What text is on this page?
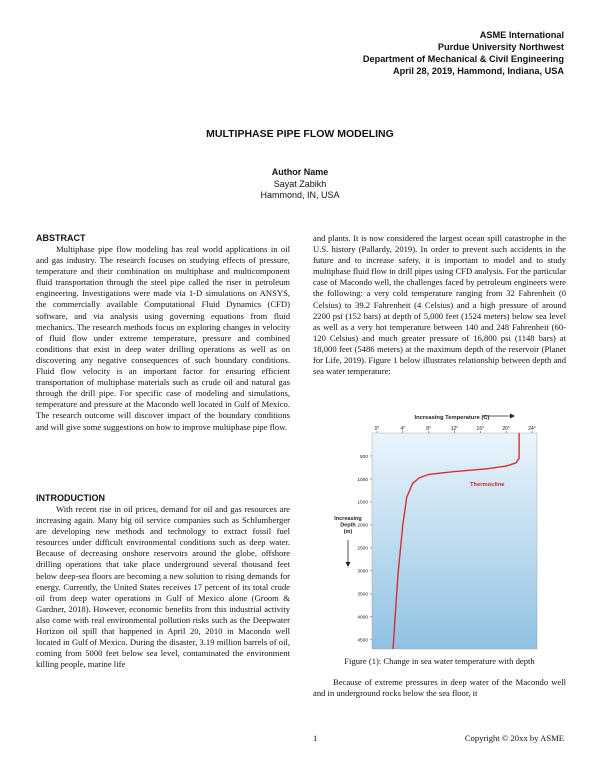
ASME International
Purdue University Northwest
Department of Mechanical & Civil Engineering
April 28, 2019, Hammond, Indiana, USA
MULTIPHASE PIPE FLOW MODELING
Author Name
Sayat Zabikh
Hammond, IN, USA
ABSTRACT

Multiphase pipe flow modeling has real world applications in oil and gas industry. The research focuses on studying effects of pressure, temperature and their combination on multiphase and multicomponent fluid transportation through the steel pipe called the riser in petroleum engineering. Investigations were made via 1-D simulations on ANSYS, the commercially available Computational Fluid Dynamics (CFD) software, and via analysis using governing equations from fluid mechanics. The research methods focus on exploring changes in velocity of fluid flow under extreme temperature, pressure and combined conditions that exist in deep water drilling operations as well as on discovering any negative consequences of such boundary conditions. Fluid flow velocity is an important factor for ensuring efficient transportation of multiphase materials such as crude oil and natural gas through the drill pipe. For specific case of modeling and simulations, temperature and pressure at the Macondo well located in Gulf of Mexico. The research outcome will discover impact of the boundary conditions and will give some suggestions on how to improve multiphase pipe flow.

INTRODUCTION

With recent rise in oil prices, demand for oil and gas resources are increasing again. Many big oil service companies such as Schlumberger are developing new methods and technology to extract fossil fuel resources under difficult environmental conditions such as deep water. Because of decreasing onshore reservoirs around the globe, offshore drilling operations that take place underground several thousand feet below deep-sea floors are becoming a new solution to rising demands for energy. Currently, the United States receives 17 percent of its total crude oil from deep water operations in Gulf of Mexico alone (Groom & Gardner, 2018). However, economic benefits from this industrial activity also come with real environmental pollution risks such as the Deepwater Horizon oil spill that happened in April 20, 2010 in Macondo well located in Gulf of Mexico. During the disaster, 3.19 million barrels of oil, coming from 5000 feet below sea level, contaminated the environment killing people, marine life

and plants. It is now considered the largest ocean spill catastrophe in the U.S. history (Pallardy, 2019). In order to prevent such accidents in the future and to increase safety, it is important to model and to study multiphase fluid flow in drill pipes using CFD analysis. For the particular case of Macondo well, the challenges faced by petroleum engineers were the following: a very cold temperature ranging from 32 Fahrenheit (0 Celsius) to 39.2 Fahrenheit (4 Celsius) and a high pressure of around 2200 psi (152 bars) at depth of 5,000 feet (1524 meters) below sea level as well as a very hot temperature between 140 and 248 Fahrenheit (60-120 Celsius) and much greater pressure of 16,800 psi (1148 bars) at 18,000 feet (5486 meters) at the maximum depth of the reservoir (Planet for Life, 2019). Figure 1 below illustrates relationship between depth and sea water temperature:

Increasing Temperature (C)
0°	4°	8°	12°	16°	20°	24°
500
1000
1500
2000
2500
3000
3500
4000
4500
Increasing Depth (m)
Thermocline
Figure (1): Change in sea water temperature with depth

Because of extreme pressures in deep water of the Macondo well and in underground rocks below the sea floor, it

1	Copyright © 20xx by ASME
